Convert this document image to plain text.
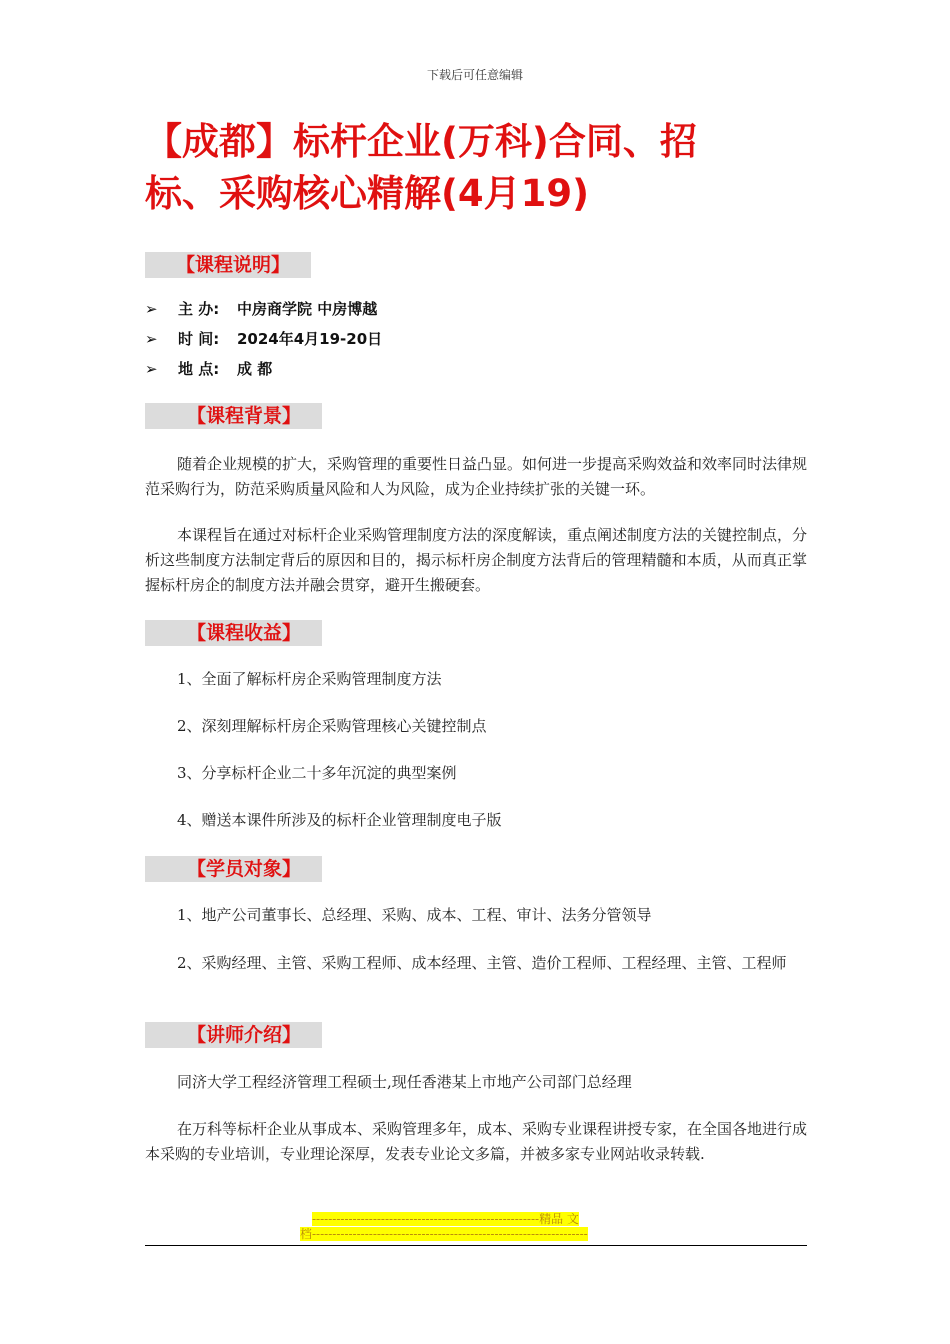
下载后可任意编辑
【成都】标杆企业(万科)合同、招
标、采购核心精解(4月19)
【课程说明】
➢ 主 办: 中房商学院 中房博越
➢ 时 间: 2024年4月19-20日
➢ 地 点: 成 都
【课程背景】
随着企业规模的扩大，采购管理的重要性日益凸显。如何进一步提高采购效益和效率同时法律规范采购行为，防范采购质量风险和人为风险，成为企业持续扩张的关键一环。
本课程旨在通过对标杆企业采购管理制度方法的深度解读，重点阐述制度方法的关键控制点，分析这些制度方法制定背后的原因和目的，揭示标杆房企制度方法背后的管理精髓和本质，从而真正掌握标杆房企的制度方法并融会贯穿，避开生搬硬套。
【课程收益】
1、全面了解标杆房企采购管理制度方法
2、深刻理解标杆房企采购管理核心关键控制点
3、分享标杆企业二十多年沉淀的典型案例
4、赠送本课件所涉及的标杆企业管理制度电子版
【学员对象】
1、地产公司董事长、总经理、采购、成本、工程、审计、法务分管领导
2、采购经理、主管、采购工程师、成本经理、主管、造价工程师、工程经理、主管、工程师
【讲师介绍】
同济大学工程经济管理工程硕士,现任香港某上市地产公司部门总经理
在万科等标杆企业从事成本、采购管理多年，成本、采购专业课程讲授专家，在全国各地进行成本采购的专业培训，专业理论深厚，发表专业论文多篇，并被多家专业网站收录转载.
--------------------------------------------------------精品 文
档--------------------------------------------------------------------
